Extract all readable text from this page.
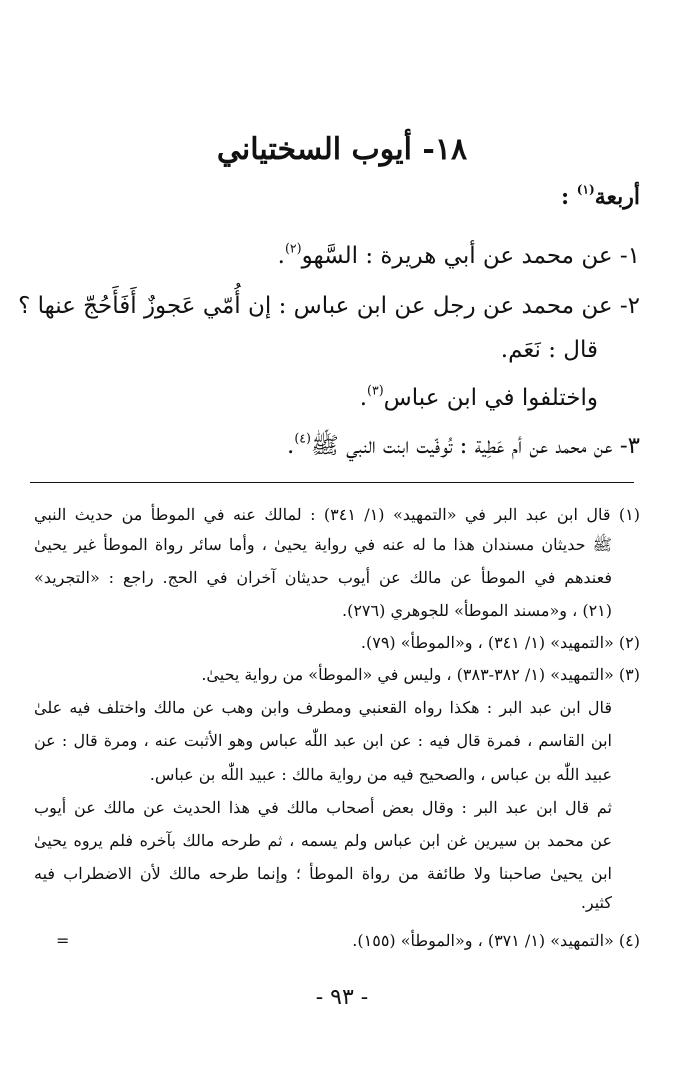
١٨- أيوب السختياني
أربعة$^{(١)}$ :
١- عن محمد عن أبي هريرة : السَّهو$^{(٢)}$.
٢- عن محمد عن رجل عن ابن عباس : إن أُمّي عَجوزٌ أَفَأَحُجّ عنها ؟
قال : نَعَم.
واختلفوا في ابن عباس$^{(٣)}$.
٣- عن محمد عن أم عَطِية : تُوفّيت ابنت النبي ﷺ$^{(٤)}$.
(١) قال ابن عبد البر في «التمهيد» (١/ ٣٤١) : لمالك عنه في الموطأ من حديث النبي
ﷺ حديثان مسندان هذا ما له عنه في رواية يحيىٰ ، وأما سائر رواة الموطأ غير يحيىٰ
فعندهم في الموطأ عن مالك عن أيوب حديثان آخران في الحج. راجع : «التجريد»
(٢١) ، و«مسند الموطأ» للجوهري (٢٧٦).
(٢) «التمهيد» (١/ ٣٤١) ، و«الموطأ» (٧٩).
(٣) «التمهيد» (١/ ٣٨٢-٣٨٣) ، وليس في «الموطأ» من رواية يحيىٰ.
قال ابن عبد البر : هكذا رواه القعنبي ومطرف وابن وهب عن مالك واختلف فيه علىٰ
ابن القاسم ، فمرة قال فيه : عن ابن عبد اللّٰه عباس وهو الأثبت عنه ، ومرة قال : عن
عبيد اللّٰه بن عباس ، والصحيح فيه من رواية مالك : عبيد اللّٰه بن عباس.
ثم قال ابن عبد البر : وقال بعض أصحاب مالك في هذا الحديث عن مالك عن أيوب
عن محمد بن سيرين غن ابن عباس ولم يسمه ، ثم طرحه مالك بآخره فلم يروه يحيىٰ
ابن يحيىٰ صاحبنا ولا طائفة من رواة الموطأ ؛ وإنما طرحه مالك لأن الاضطراب فيه
كثير.
(٤) «التمهيد» (١/ ٣٧١) ، و«الموطأ» (١٥٥).
=
- ٩٣ -
